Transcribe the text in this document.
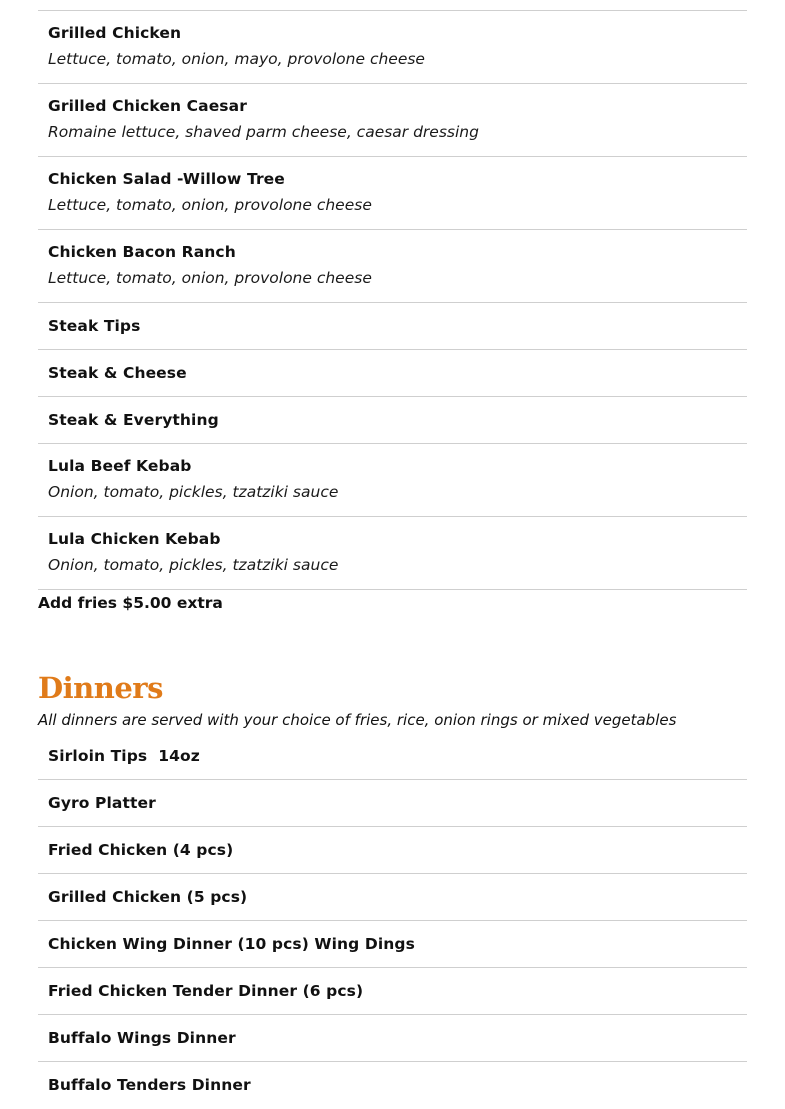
Grilled Chicken
Lettuce, tomato, onion, mayo, provolone cheese
Grilled Chicken Caesar
Romaine lettuce, shaved parm cheese, caesar dressing
Chicken Salad -Willow Tree
Lettuce, tomato, onion, provolone cheese
Chicken Bacon Ranch
Lettuce, tomato, onion, provolone cheese
Steak Tips
Steak & Cheese
Steak & Everything
Lula Beef Kebab
Onion, tomato, pickles, tzatziki sauce
Lula Chicken Kebab
Onion, tomato, pickles, tzatziki sauce
Add fries $5.00 extra
Dinners
All dinners are served with your choice of fries, rice, onion rings or mixed vegetables
Sirloin Tips  14oz
Gyro Platter
Fried Chicken (4 pcs)
Grilled Chicken (5 pcs)
Chicken Wing Dinner (10 pcs) Wing Dings
Fried Chicken Tender Dinner (6 pcs)
Buffalo Wings Dinner
Buffalo Tenders Dinner
